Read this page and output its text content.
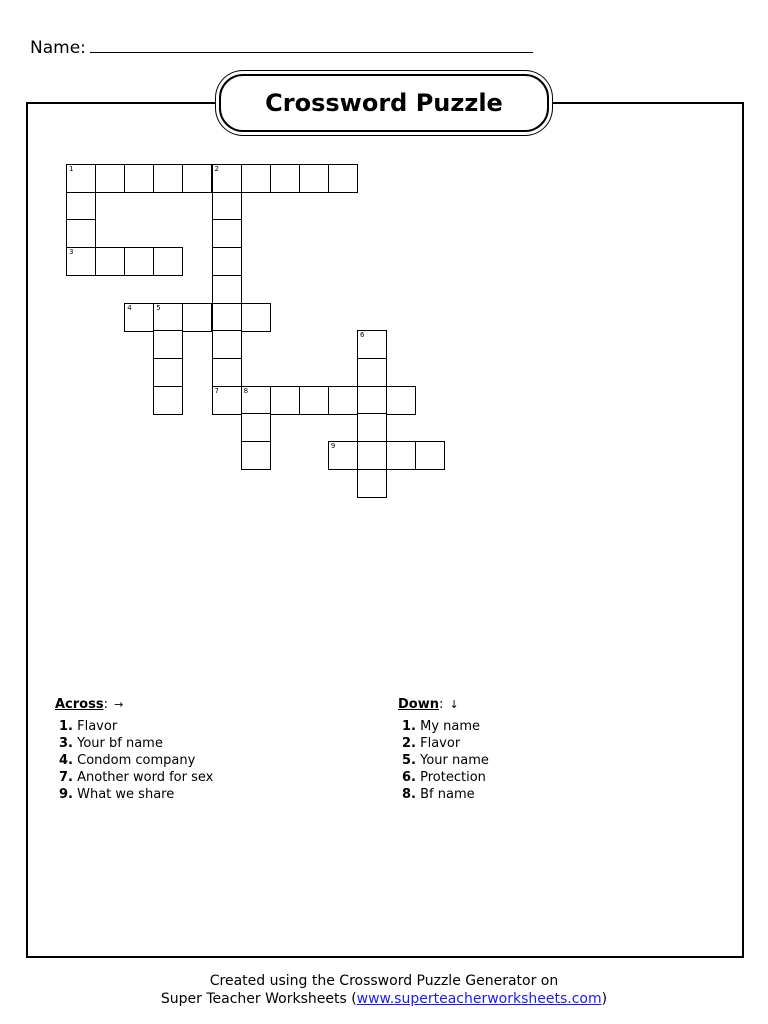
Name:
Crossword Puzzle
1	2
3
4	5
6
7	8
9
Across: →
1. Flavor
3. Your bf name
4. Condom company
7. Another word for sex
9. What we share
Down: ↓
1. My name
2. Flavor
5. Your name
6. Protection
8. Bf name
Created using the Crossword Puzzle Generator on
Super Teacher Worksheets (www.superteacherworksheets.com)
